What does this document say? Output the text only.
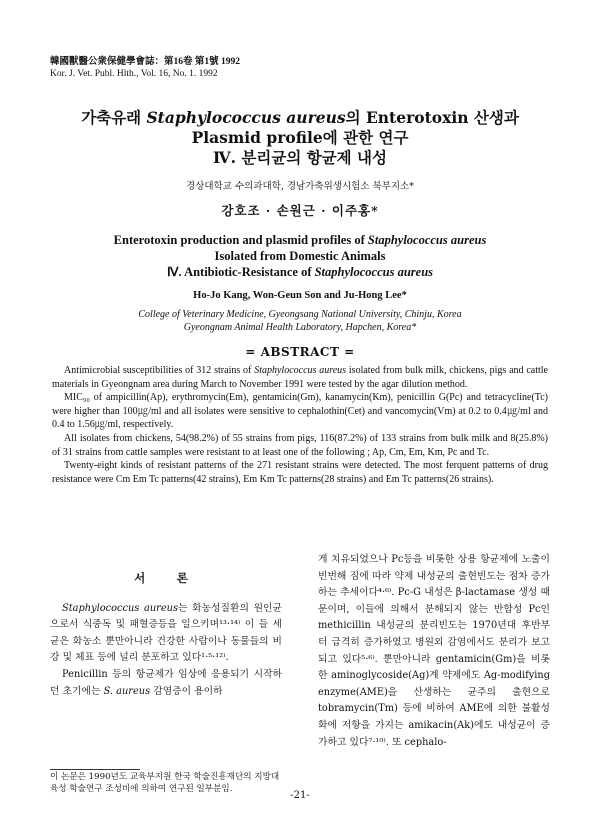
韓國獸醫公衆保健學會誌：第16卷 第1號 1992
Kor. J. Vet. Publ. Hlth., Vol. 16, No. 1. 1992
가축유래 Staphylococcus aureus의 Enterotoxin 산생과
Plasmid profile에 관한 연구
Ⅳ. 분리균의 항균제 내성
경상대학교 수의과대학, 경남가축위생시험소 북부지소*
강호조 · 손원근 · 이주홍*
Enterotoxin production and plasmid profiles of Staphylococcus aureus
Isolated from Domestic Animals
Ⅳ. Antibiotic-Resistance of Staphylococcus aureus
Ho-Jo Kang, Won-Geun Son and Ju-Hong Lee*
College of Veterinary Medicine, Gyeongsang National University, Chinju, Korea
Gyeongnam Animal Health Laboratory, Hapchen, Korea*
= ABSTRACT =

Antimicrobial susceptibilities of 312 strains of Staphylococcus aureus isolated from bulk milk, chickens, pigs and cattle materials in Gyeongnam area during March to November 1991 were tested by the agar dilution method.

MIC₉₀ of ampicillin(Ap), erythromycin(Em), gentamicin(Gm), kanamycin(Km), penicillin G(Pc) and tetracycline(Tc) were higher than 100㎍/ml and all isolates were sensitive to cephalothin(Cet) and vancomycin(Vm) at 0.2 to 0.4㎍/ml and 0.4 to 1.56㎍/ml, respectively.

All isolates from chickens, 54(98.2%) of 55 strains from pigs, 116(87.2%) of 133 strains from bulk milk and 8(25.8%) of 31 strains from cattle samples were resistant to at least one of the following ; Ap, Cm, Em, Km, Pc and Tc.

Twenty-eight kinds of resistant patterns of the 271 resistant strains were detected. The most ferquent patterns of drug resistance were Cm Em Tc patterns(42 strains), Em Km Tc patterns(28 strains) and Em Tc patterns(26 strains).

서　론

Staphylococcus aureus는 화농성질환의 원인균으로서 식중독 및 패혈증등을 일으키며¹³·¹⁴⁾ 이 들 세균은 화농소 뿐만아니라 건강한 사람이나 동물들의 비강 및 체표 등에 널리 분포하고 있다¹·⁵·¹²⁾.

Penicillin 등의 항균제가 임상에 응용되기 시작하던 초기에는 S. aureus 감염증이 용이하

게 치유되었으나 Pc등을 비롯한 상용 항균제에 노출이 빈번해 짐에 따라 약제 내성균의 출현빈도는 점차 증가하는 추세이다⁴·⁶⁾. Pc-G 내성은 β-lactamase 생성 때문이며, 이들에 의해서 분해되지 않는 반합성 Pc인 methicillin 내성균의 분리빈도는 1970년대 후반부터 급격히 증가하였고 병원외 감염에서도 분리가 보고되고 있다⁵·⁶⁾. 뿐만아니라 gentamicin(Gm)을 비롯한 aminoglycoside(Ag)계 약제에도 Ag-modifying enzyme(AME)을 산생하는 균주의 출현으로 tobramycin(Tm) 등에 비하여 AME에 의한 불활성화에 저항을 가지는 amikacin(Ak)에도 내성균이 증가하고 있다⁷·¹⁰⁾. 또 cephalo-

이 논문은 1990년도 교육부지원 한국 학술진흥재단의 지방대 육성 학술연구 조성비에 의하여 연구된 일부분임.
-21-
